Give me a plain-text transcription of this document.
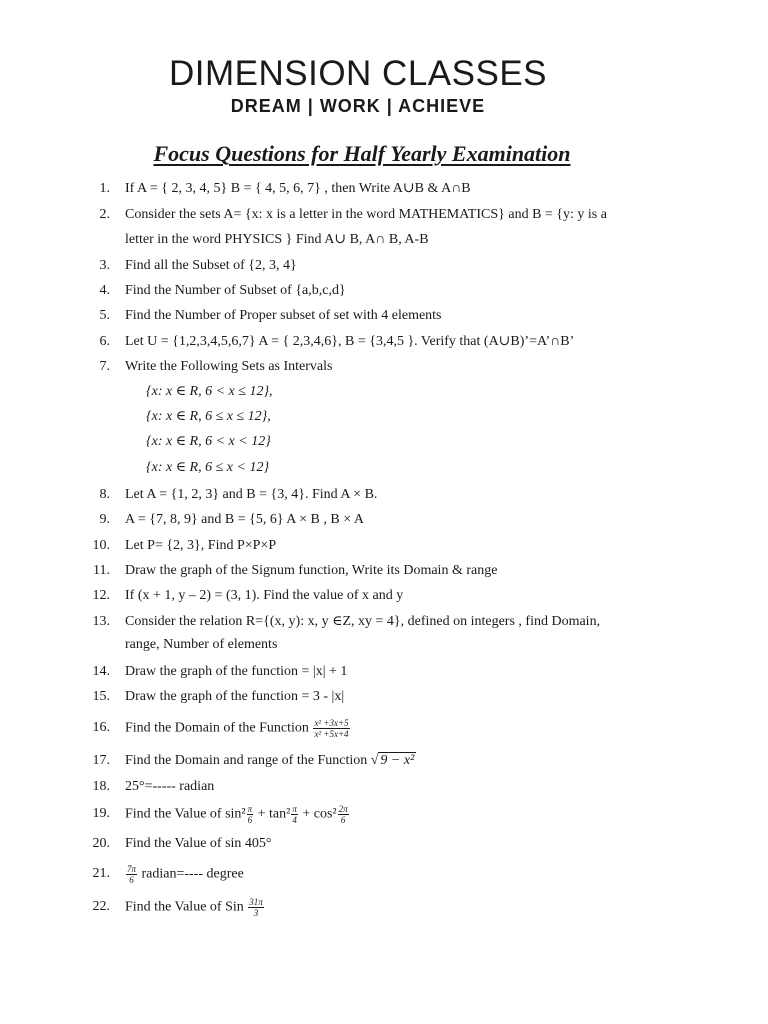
DIMENSION CLASSES
DREAM | WORK | ACHIEVE
Focus Questions for Half Yearly Examination
1. If A = { 2, 3, 4, 5} B = { 4, 5, 6, 7} , then Write A∪B & A∩B
2. Consider the sets A= {x: x is a letter in the word MATHEMATICS} and B = {y: y is a
letter in the word PHYSICS } Find A∪ B, A∩ B, A-B
3. Find all the Subset of {2, 3, 4}
4. Find the Number of Subset of {a,b,c,d}
5. Find the Number of Proper subset of set with 4 elements
6. Let U = {1,2,3,4,5,6,7} A = { 2,3,4,6}, B = {3,4,5 }. Verify that (A∪B)’=A’∩B’
7. Write the Following Sets as Intervals
{x: x ∈ R, 6 < x ≤ 12},
{x: x ∈ R, 6 ≤ x ≤ 12},
{x: x ∈ R, 6 < x < 12}
{x: x ∈ R, 6 ≤ x < 12}
8. Let A = {1, 2, 3} and B = {3, 4}. Find A × B.
9. A = {7, 8, 9} and B = {5, 6} A × B , B × A
10. Let P= {2, 3}, Find P×P×P
11. Draw the graph of the Signum function, Write its Domain & range
12. If (x + 1, y – 2) = (3, 1). Find the value of x and y
13. Consider the relation R={(x, y): x, y ∈Z, xy = 4}, defined on integers , find Domain,
range, Number of elements
14. Draw the graph of the function = |x| + 1
15. Draw the graph of the function = 3 - |x|
16. Find the Domain of the Function $\frac{\text{x² +3x+5}}{\text{x² +5x+4}}$
17. Find the Domain and range of the Function √ 9 − x²
18. 25°=----- radian
19. Find the Value of $\sin^2 \frac{\pi}{6} + \tan^2 \frac{\pi}{4} + \cos^2 \frac{2\pi}{6}$
20. Find the Value of sin 405°
21. $\frac{7\pi}{6}$ radian=---- degree
22. Find the Value of Sin $\frac{31\pi}{3}$
